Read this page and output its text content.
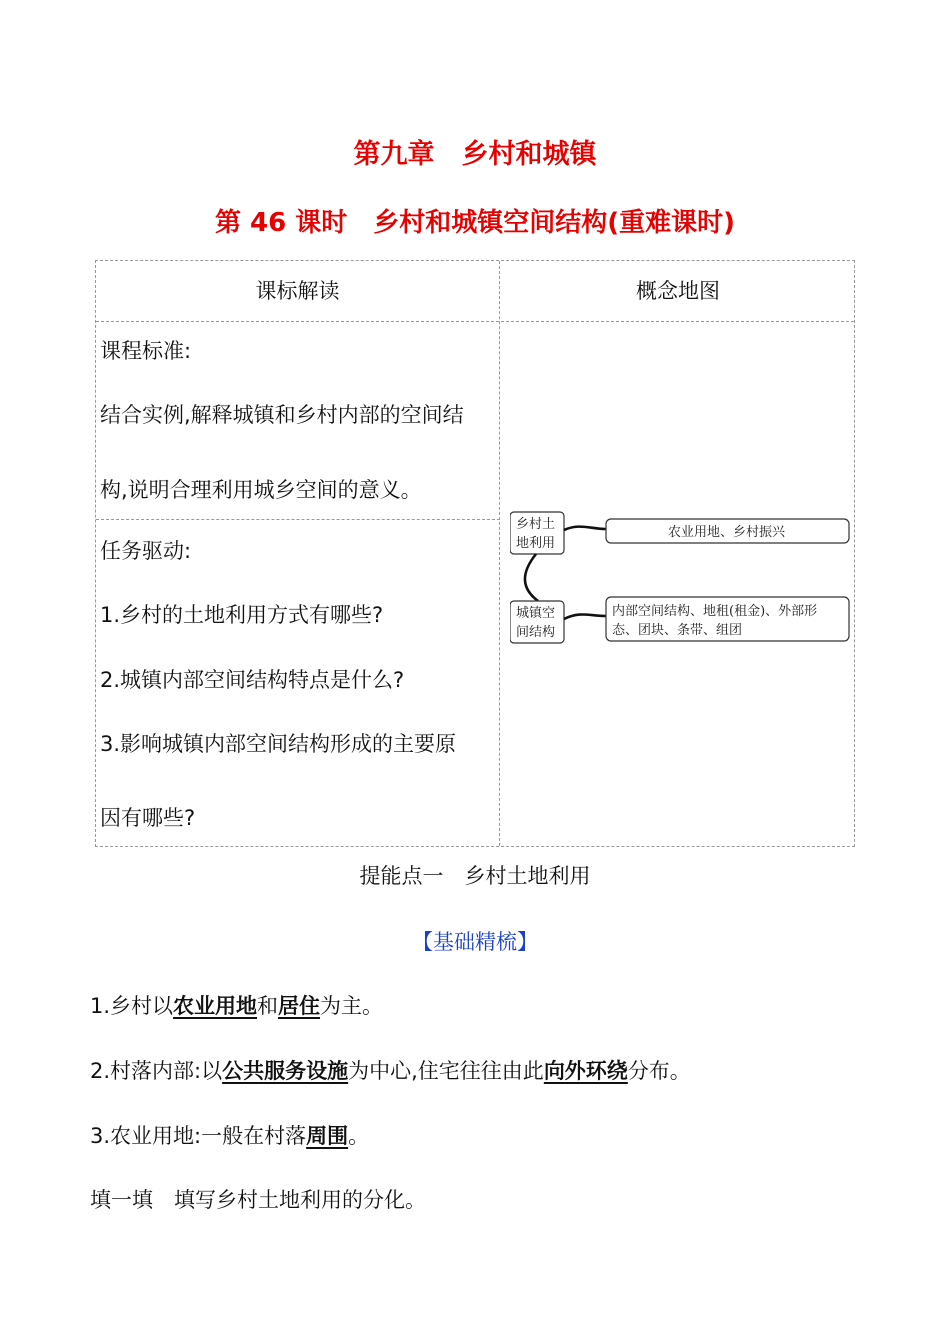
第九章　乡村和城镇
第 46 课时　乡村和城镇空间结构(重难课时)
课标解读	概念地图
课程标准:
结合实例,解释城镇和乡村内部的空间结
构,说明合理利用城乡空间的意义。
任务驱动:
1.乡村的土地利用方式有哪些?
2.城镇内部空间结构特点是什么?
3.影响城镇内部空间结构形成的主要原
因有哪些?
乡村土
地利用
农业用地、乡村振兴
城镇空
间结构
内部空间结构、地租(租金)、外部形
态、团块、条带、组团
提能点一　乡村土地利用
【基础精梳】
1.乡村以农业用地和居住为主。
2.村落内部:以公共服务设施为中心,住宅往往由此向外环绕分布。
3.农业用地:一般在村落周围。
填一填　填写乡村土地利用的分化。
